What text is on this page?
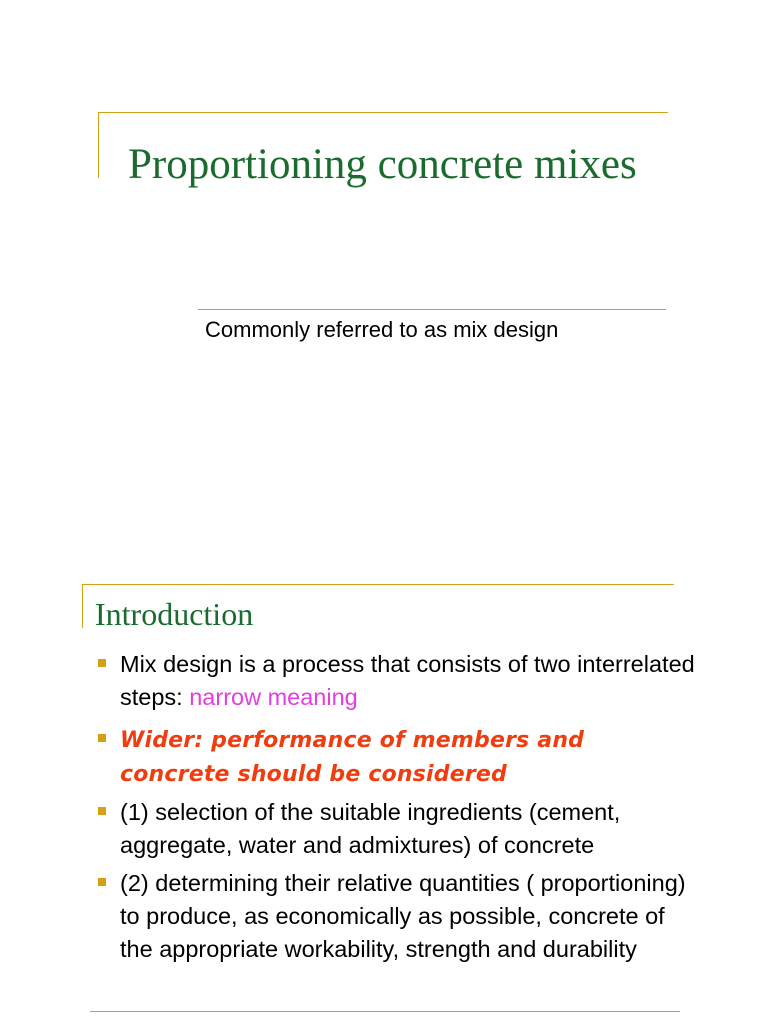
Proportioning concrete mixes

Commonly referred to as mix design

Introduction
Mix design is a process that consists of two interrelated steps: narrow meaning
Wider: performance of members and concrete should be considered
(1) selection of the suitable ingredients (cement, aggregate, water and admixtures) of concrete
(2) determining their relative quantities ( proportioning) to produce, as economically as possible, concrete of the appropriate workability, strength and durability
